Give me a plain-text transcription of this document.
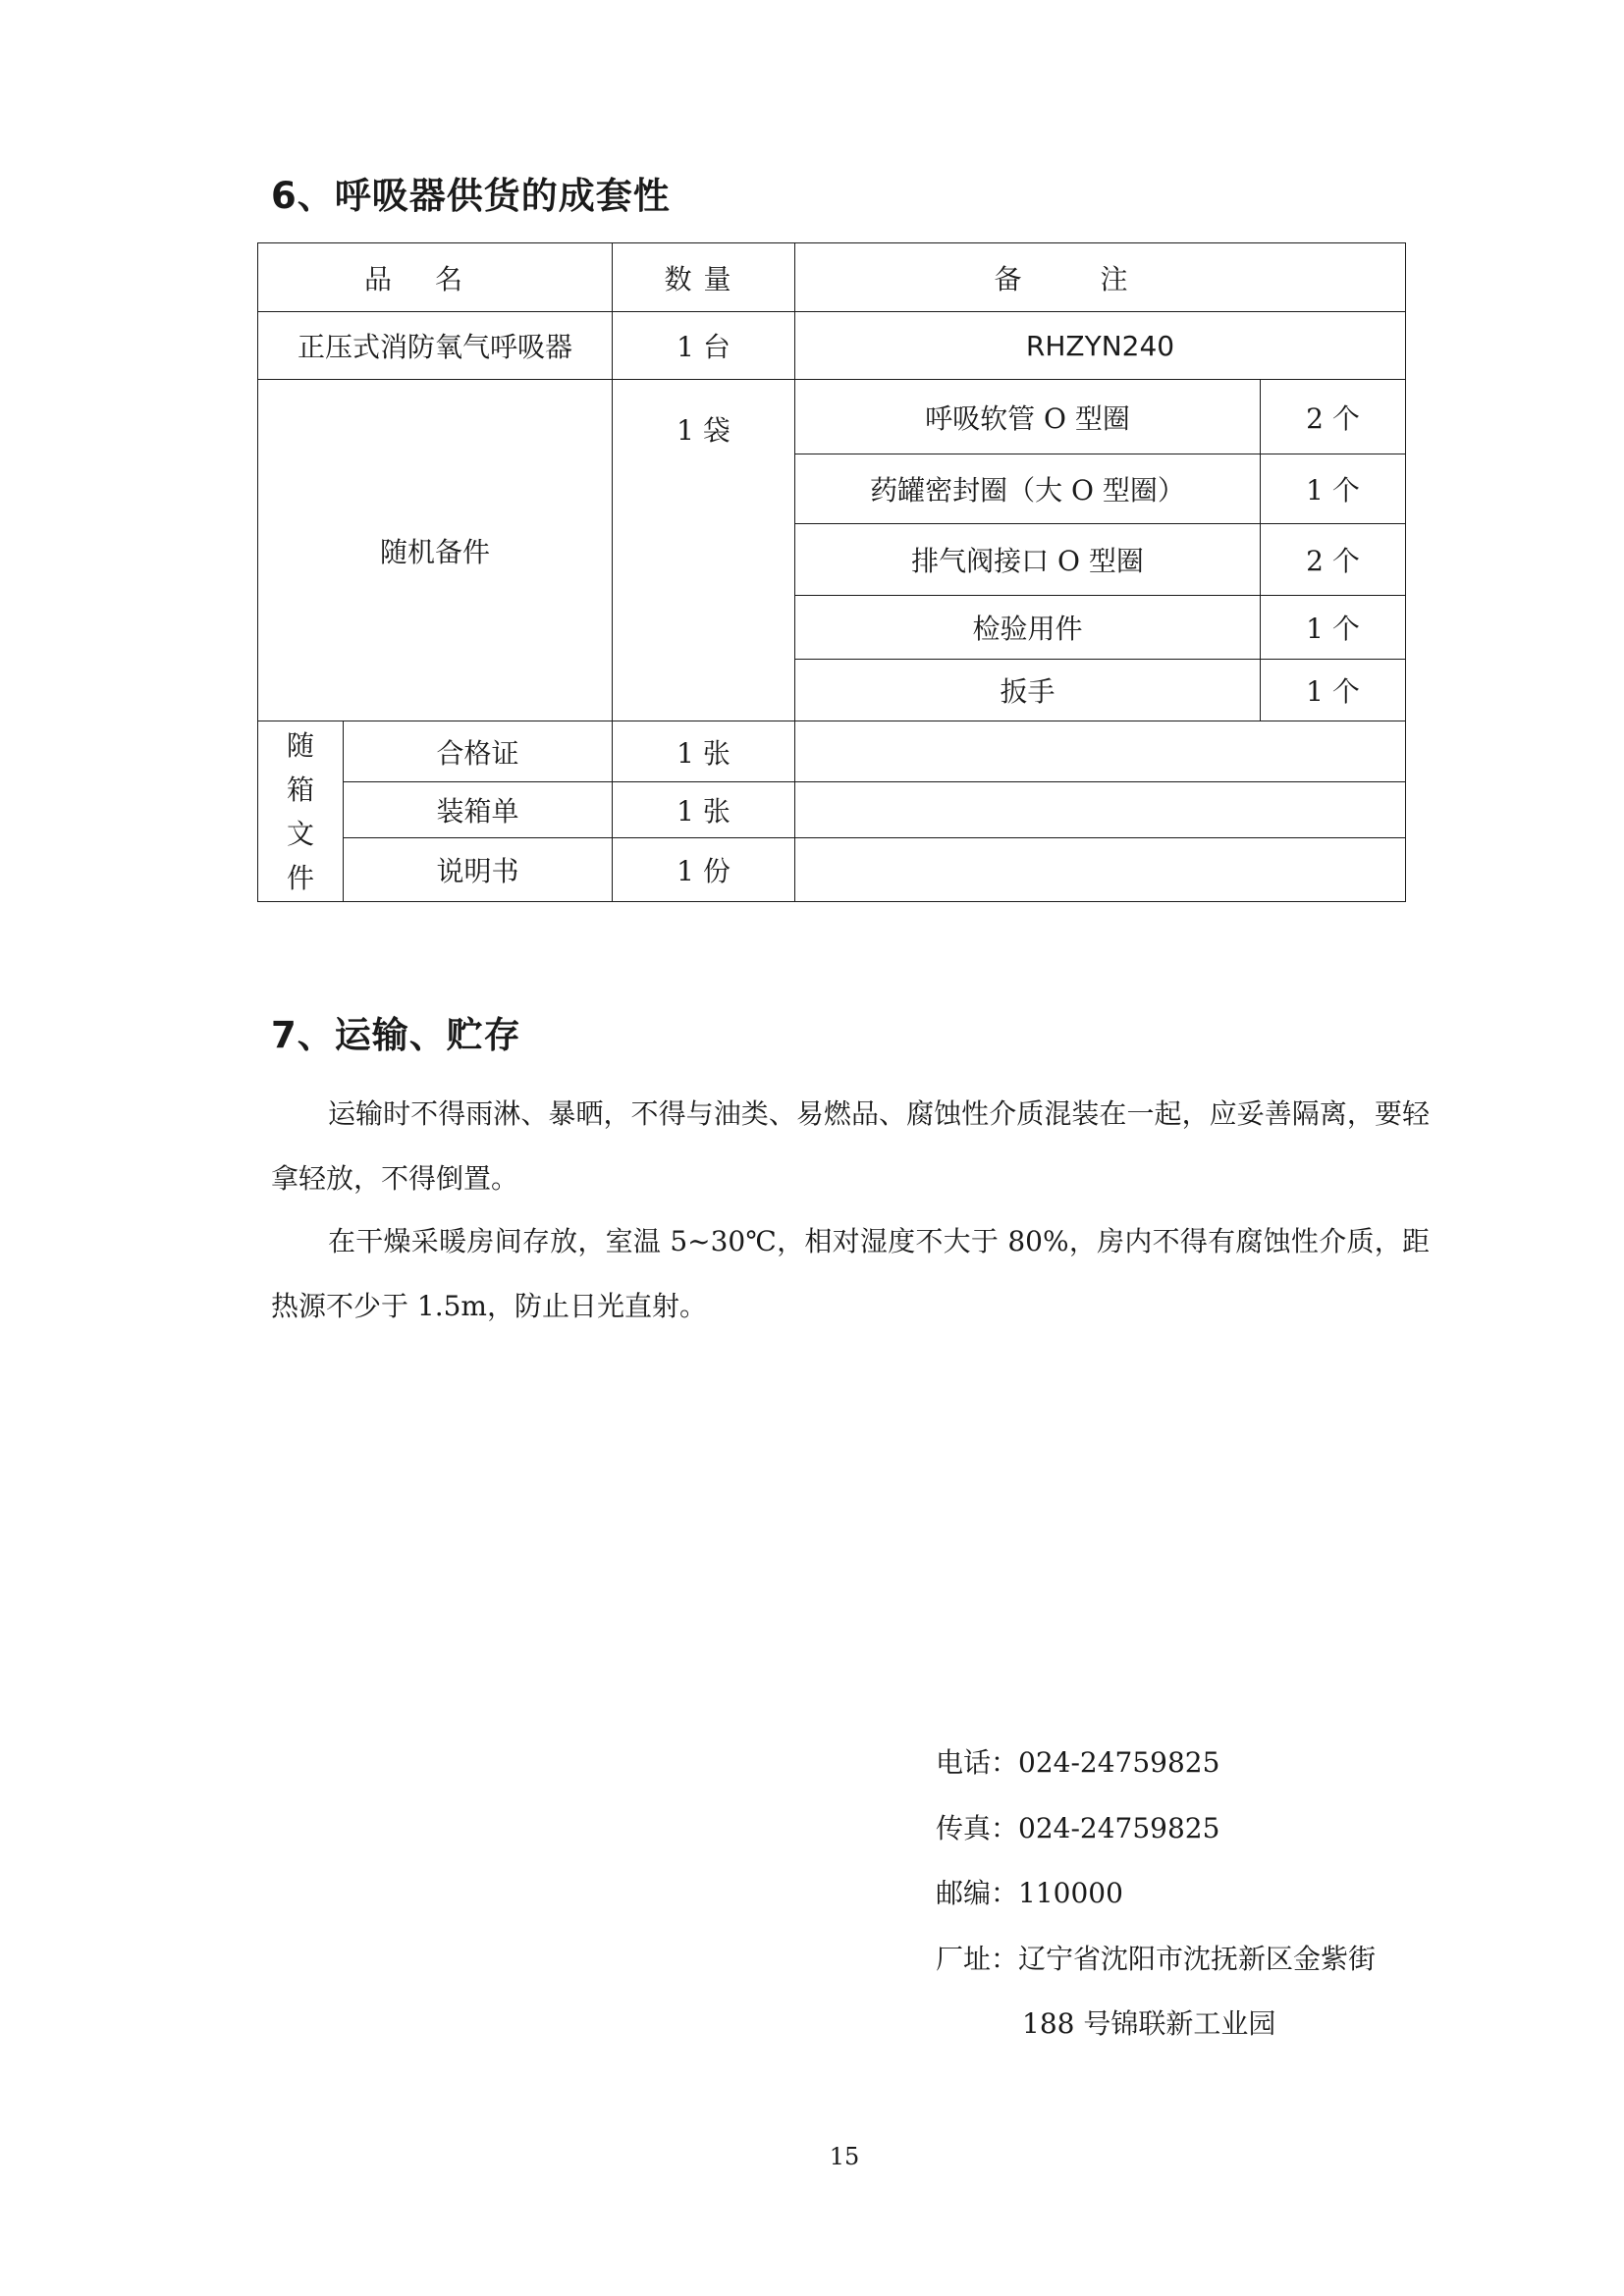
6、呼吸器供货的成套性
品名		数量	备注	
正压式消防氧气呼吸器		1 台	RHZYN240	
随机备件		1 袋	呼吸软管 O 型圈	2 个
			药罐密封圈（大 O 型圈）	1 个
			排气阀接口 O 型圈	2 个
			检验用件	1 个
			扳手	1 个
随箱文件	合格证	1 张		
	装箱单	1 张		
	说明书	1 份		
7、运输、贮存

运输时不得雨淋、暴晒，不得与油类、易燃品、腐蚀性介质混装在一起，应妥善隔离，要轻拿轻放，不得倒置。

在干燥采暖房间存放，室温 5~30℃，相对湿度不大于 80%，房内不得有腐蚀性介质，距热源不少于 1.5m，防止日光直射。

电话：024-24759825
传真：024-24759825
邮编：110000
厂址：辽宁省沈阳市沈抚新区金紫街
188 号锦联新工业园
15
